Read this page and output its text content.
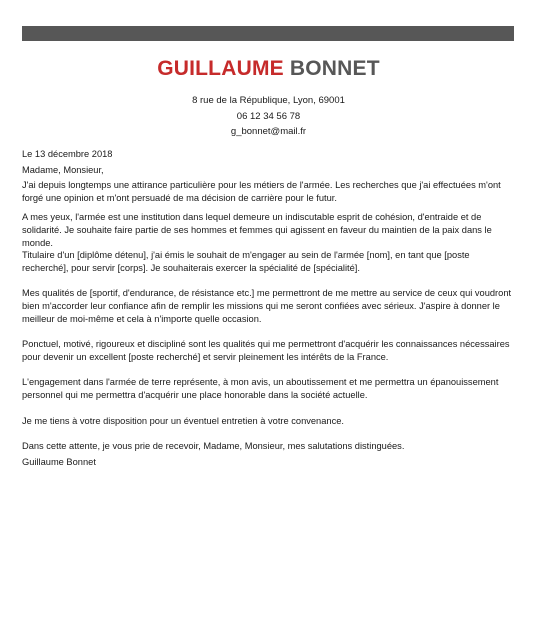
GUILLAUME BONNET
8 rue de la République, Lyon, 69001
06 12 34 56 78
g_bonnet@mail.fr

Le 13 décembre 2018

Madame, Monsieur,

J'ai depuis longtemps une attirance particulière pour les métiers de l'armée. Les recherches que j'ai effectuées m'ont forgé une opinion et m'ont persuadé de ma décision de carrière pour le futur.

A mes yeux, l'armée est une institution dans lequel demeure un indiscutable esprit de cohésion, d'entraide et de solidarité. Je souhaite faire partie de ses hommes et femmes qui agissent en faveur du maintien de la paix dans le monde.

Titulaire d'un [diplôme détenu], j'ai émis le souhait de m'engager au sein de l'armée [nom], en tant que [poste recherché], pour servir [corps]. Je souhaiterais exercer la spécialité de [spécialité].

Mes qualités de [sportif, d'endurance, de résistance etc.] me permettront de me mettre au service de ceux qui voudront bien m'accorder leur confiance afin de remplir les missions qui me seront confiées avec sérieux. J'aspire à donner le meilleur de moi-même et cela à n'importe quelle occasion.

Ponctuel, motivé, rigoureux et discipliné sont les qualités qui me permettront d'acquérir les connaissances nécessaires pour devenir un excellent [poste recherché] et servir pleinement les intérêts de la France.

L'engagement dans l'armée de terre représente, à mon avis, un aboutissement et me permettra un épanouissement personnel qui me permettra d'acquérir une place honorable dans la société actuelle.

Je me tiens à votre disposition pour un éventuel entretien à votre convenance.

Dans cette attente, je vous prie de recevoir, Madame, Monsieur, mes salutations distinguées.

Guillaume Bonnet
